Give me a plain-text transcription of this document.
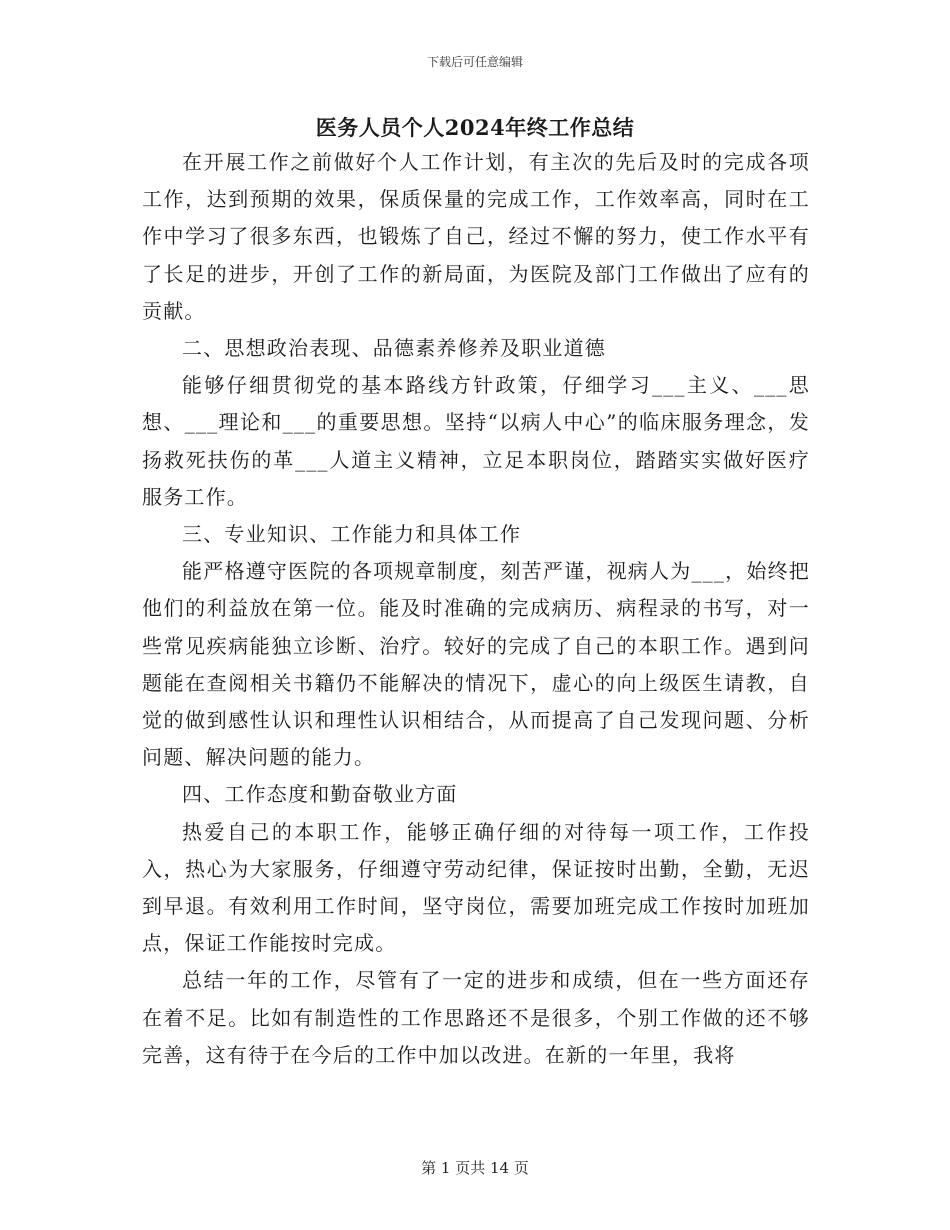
下载后可任意编辑
医务人员个人2024年终工作总结

在开展工作之前做好个人工作计划，有主次的先后及时的完成各项工作，达到预期的效果，保质保量的完成工作，工作效率高，同时在工作中学习了很多东西，也锻炼了自己，经过不懈的努力，使工作水平有了长足的进步，开创了工作的新局面，为医院及部门工作做出了应有的贡献。

二、思想政治表现、品德素养修养及职业道德

能够仔细贯彻党的基本路线方针政策，仔细学习___主义、___思想、___理论和___的重要思想。坚持“以病人中心”的临床服务理念，发扬救死扶伤的革___人道主义精神，立足本职岗位，踏踏实实做好医疗服务工作。

三、专业知识、工作能力和具体工作

能严格遵守医院的各项规章制度，刻苦严谨，视病人为___，始终把他们的利益放在第一位。能及时准确的完成病历、病程录的书写，对一些常见疾病能独立诊断、治疗。较好的完成了自己的本职工作。遇到问题能在查阅相关书籍仍不能解决的情况下，虚心的向上级医生请教，自觉的做到感性认识和理性认识相结合，从而提高了自己发现问题、分析问题、解决问题的能力。

四、工作态度和勤奋敬业方面

热爱自己的本职工作，能够正确仔细的对待每一项工作，工作投入，热心为大家服务，仔细遵守劳动纪律，保证按时出勤，全勤，无迟到早退。有效利用工作时间，坚守岗位，需要加班完成工作按时加班加点，保证工作能按时完成。

总结一年的工作，尽管有了一定的进步和成绩，但在一些方面还存在着不足。比如有制造性的工作思路还不是很多，个别工作做的还不够完善，这有待于在今后的工作中加以改进。在新的一年里，我将

第 1 页共 14 页
